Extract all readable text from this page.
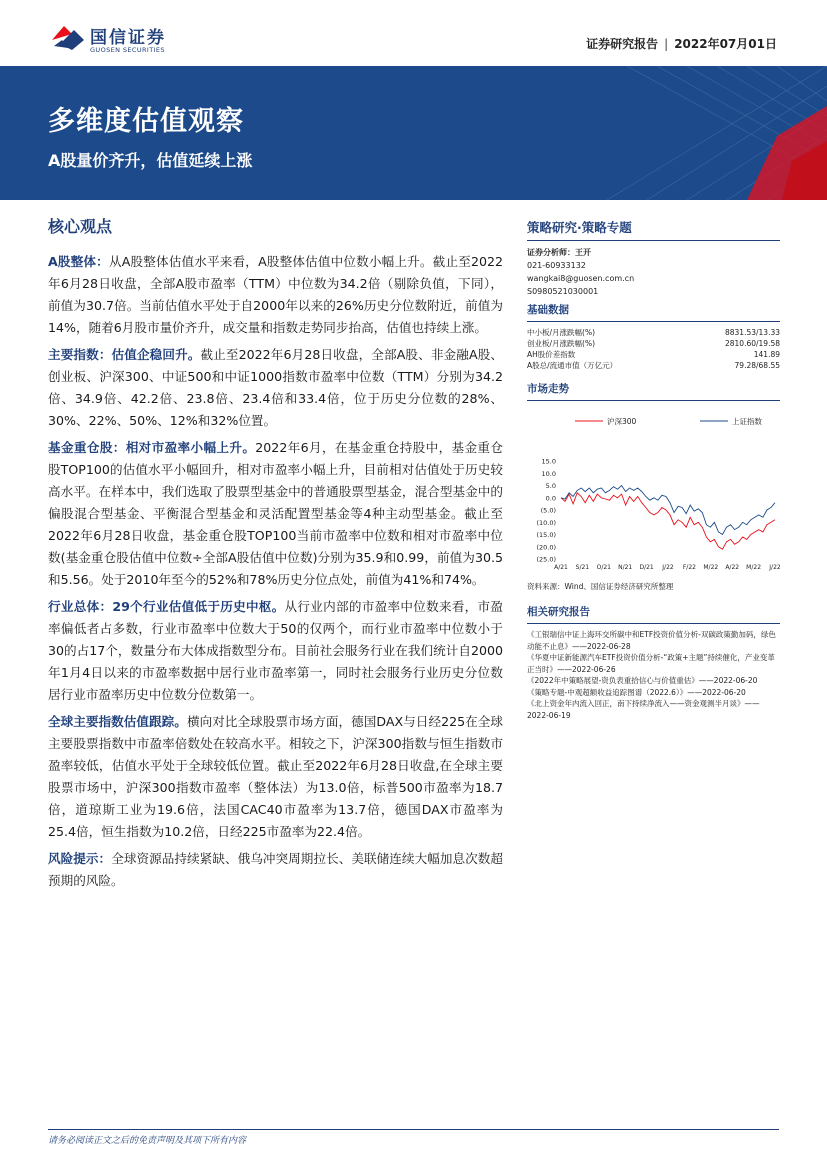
国信证券
GUOSEN SECURITIES	证券研究报告 | 2022年07月01日
多维度估值观察
A股量价齐升，估值延续上涨
核心观点

A股整体：从A股整体估值水平来看，A股整体估值中位数小幅上升。截止至2022年6月28日收盘，全部A股市盈率（TTM）中位数为34.2倍（剔除负值，下同），前值为30.7倍。当前估值水平处于自2000年以来的26%历史分位数附近，前值为14%，随着6月股市量价齐升，成交量和指数走势同步抬高，估值也持续上涨。

主要指数：估值企稳回升。截止至2022年6月28日收盘，全部A股、非金融A股、创业板、沪深300、中证500和中证1000指数市盈率中位数（TTM）分别为34.2倍、34.9倍、42.2倍、23.8倍、23.4倍和33.4倍，位于历史分位数的28%、30%、22%、50%、12%和32%位置。

基金重仓股：相对市盈率小幅上升。2022年6月，在基金重仓持股中，基金重仓股TOP100的估值水平小幅回升，相对市盈率小幅上升，目前相对估值处于历史较高水平。在样本中，我们选取了股票型基金中的普通股票型基金，混合型基金中的偏股混合型基金、平衡混合型基金和灵活配置型基金等4种主动型基金。截止至2022年6月28日收盘，基金重仓股TOP100当前市盈率中位数和相对市盈率中位数(基金重仓股估值中位数÷全部A股估值中位数)分别为35.9和0.99，前值为30.5和5.56。处于2010年至今的52%和78%历史分位点处，前值为41%和74%。

行业总体：29个行业估值低于历史中枢。从行业内部的市盈率中位数来看，市盈率偏低者占多数，行业市盈率中位数大于50的仅两个，而行业市盈率中位数小于30的占17个，数量分布大体成指数型分布。目前社会服务行业在我们统计自2000年1月4日以来的市盈率数据中居行业市盈率第一，同时社会服务行业历史分位数居行业市盈率历史中位数分位数第一。

全球主要指数估值跟踪。横向对比全球股票市场方面，德国DAX与日经225在全球主要股票指数中市盈率倍数处在较高水平。相较之下，沪深300指数与恒生指数市盈率较低，估值水平处于全球较低位置。截止至2022年6月28日收盘,在全球主要股票市场中，沪深300指数市盈率（整体法）为13.0倍，标普500市盈率为18.7倍，道琼斯工业为19.6倍，法国CAC40市盈率为13.7倍，德国DAX市盈率为25.4倍，恒生指数为10.2倍，日经225市盈率为22.4倍。

风险提示：全球资源品持续紧缺、俄乌冲突周期拉长、美联储连续大幅加息次数超预期的风险。

策略研究·策略专题
证券分析师：王开
021-60933132
wangkai8@guosen.com.cn
S0980521030001
基础数据
中小板/月涨跌幅(%)	8831.53/13.33
创业板/月涨跌幅(%)	2810.60/19.58
AH股价差指数	141.89
A股总/流通市值（万亿元）	79.28/68.55
市场走势
沪深300	上证指数
15.0
10.0
5.0
0.0
(5.0)
(10.0)
(15.0)
(20.0)
(25.0)
A/21 S/21 O/21 N/21 D/21 J/22 F/22 M/22 A/22 M/22 J/22
资料来源：Wind、国信证券经济研究所整理
相关研究报告
《工银瑞信中证上海环交所碳中和ETF投资价值分析-双碳政策勤加码，绿色动能不止息》——2022-06-28
《华夏中证新能源汽车ETF投资价值分析-“政策+主题”持续催化，产业变革正当时》——2022-06-26
《2022年中策略展望-资负表重拾信心与价值重估》——2022-06-20
《策略专题-中观超额收益追踪图谱（2022.6）》——2022-06-20
《北上资金年内流入回正，南下持续净流入——资金观测半月谈》——2022-06-19
请务必阅读正文之后的免责声明及其项下所有内容
